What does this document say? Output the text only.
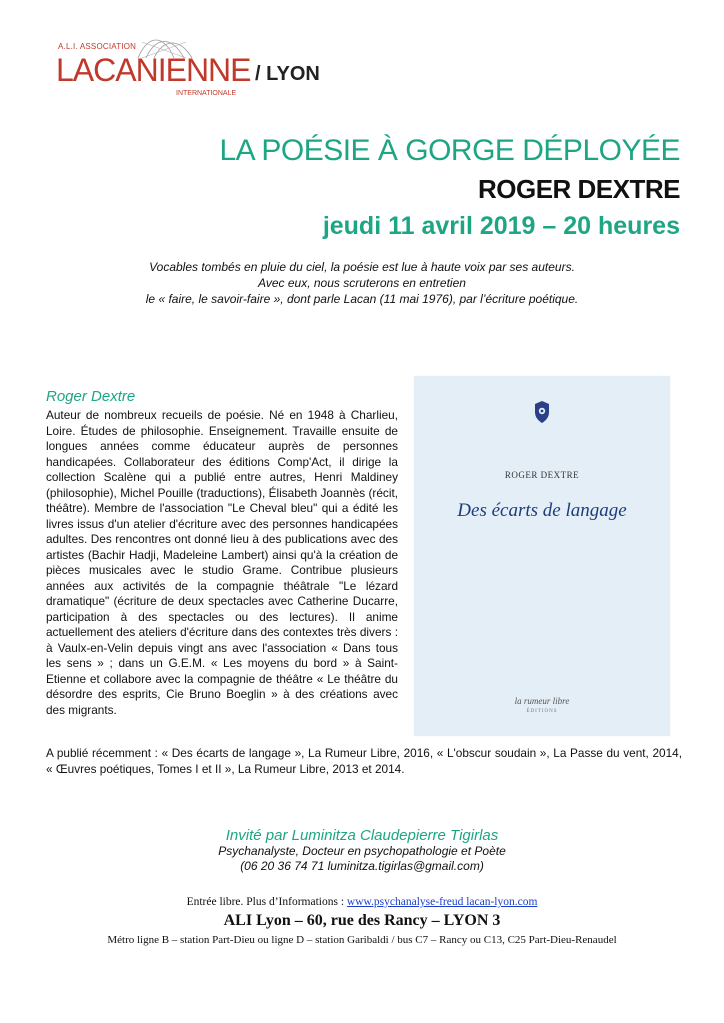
A.L.I. ASSOCIATION
LACANIENNE / LYON
INTERNATIONALE
LA POÉSIE À GORGE DÉPLOYÉE
ROGER DEXTRE
jeudi 11 avril 2019 – 20 heures
Vocables tombés en pluie du ciel, la poésie est lue à haute voix par ses auteurs.
Avec eux, nous scruterons en entretien
le « faire, le savoir-faire », dont parle Lacan (11 mai 1976), par l’écriture poétique.
Roger Dextre
Auteur de nombreux recueils de poésie. Né en 1948 à Charlieu, Loire. Études de philosophie. Enseignement. Travaille ensuite de longues années comme éducateur auprès de personnes handicapées. Collaborateur des éditions Comp'Act, il dirige la collection Scalène qui a publié entre autres, Henri Maldiney (philosophie), Michel Pouille (traductions), Élisabeth Joannès (récit, théâtre). Membre de l'association "Le Cheval bleu" qui a édité les livres issus d'un atelier d'écriture avec des personnes handicapées adultes. Des rencontres ont donné lieu à des publications avec des artistes (Bachir Hadji, Madeleine Lambert) ainsi qu'à la création de pièces musicales avec le studio Grame. Contribue plusieurs années aux activités de la compagnie théâtrale "Le lézard dramatique" (écriture de deux spectacles avec Catherine Ducarre, participation à des spectacles ou des lectures). Il anime actuellement des ateliers d'écriture dans des contextes très divers : à Vaulx-en-Velin depuis vingt ans avec l'association « Dans tous les sens » ; dans un G.E.M. « Les moyens du bord » à Saint-Etienne et collabore avec la compagnie de théâtre « Le théâtre du désordre des esprits, Cie Bruno Boeglin » à des créations avec des migrants.
A publié récemment : « Des écarts de langage », La Rumeur Libre, 2016, « L'obscur soudain », La Passe du vent, 2014, « Œuvres poétiques, Tomes I et II », La Rumeur Libre, 2013 et 2014.
ROGER DEXTRE
Des écarts de langage
la rumeur libre
ÉDITIONS
Invité par Luminitza Claudepierre Tigirlas
Psychanalyste, Docteur en psychopathologie et Poète
(06 20 36 74 71 luminitza.tigirlas@gmail.com)
Entrée libre. Plus d’Informations : www.psychanalyse-freud lacan-lyon.com
ALI Lyon – 60, rue des Rancy – LYON 3
Métro ligne B – station Part-Dieu ou ligne D – station Garibaldi / bus C7 – Rancy ou C13, C25 Part-Dieu-Renaudel
